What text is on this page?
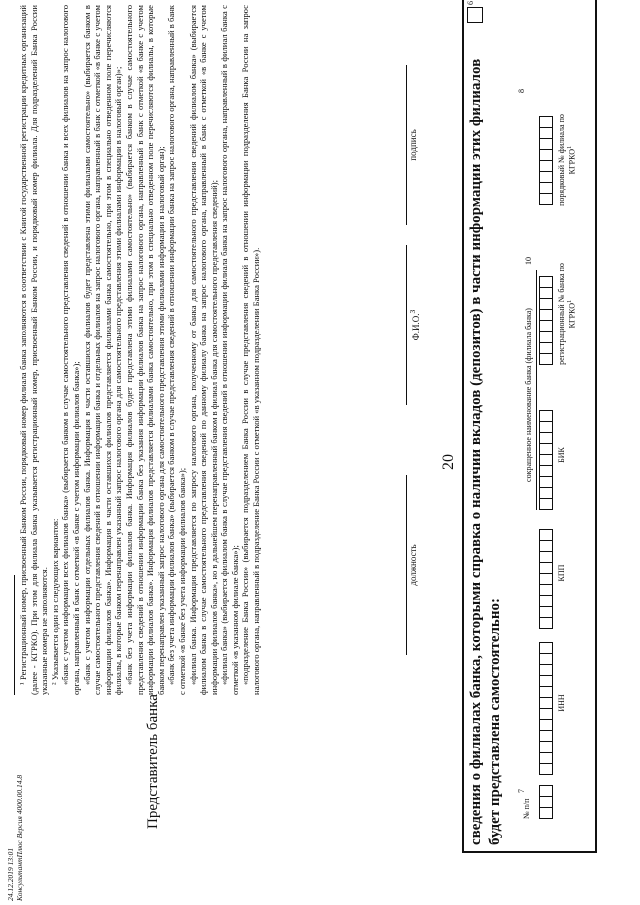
24.12.2019 13:01 КонсультантПлюс Версия 4000.00.14.8
20
6
сведения о филиалах банка, которыми справка о наличии вкладов (депозитов) в части информации этих филиалов будет представлена самостоятельно: № п/п
7
ИНН
КПП
сокращенное наименование банка (филиала банка)	БИК
регистрационный № банка по КГРКО$^1$
10
порядковый № филиала по КГРКО$^1$
8
Представитель банка
должность
Ф.И.О.$^3$
подпись

¹ Регистрационный номер, присвоенный Банком России, порядковый номер филиала банка заполняются в соответствии с Книгой государственной регистрации кредитных организаций (далее - КГРКО). При этом для филиала банка указывается регистрационный номер, присвоенный Банком России, и порядковый номер филиала. Для подразделений Банка России указанные номера не заполняются. ² Указывается один из следующих вариантов: «банк с учетом информации всех филиалов банка» (выбирается банком в случае самостоятельного представления сведений в отношении банка и всех филиалов на запрос налогового органа, направленный в банк с отметкой «в банке с учетом информации филиалов банка»); «банк с учетом информации отдельных филиалов банка. Информация в части оставшихся филиалов будет представлена этими филиалами самостоятельно» (выбирается банком в случае самостоятельного представления сведений в отношении информации банка и отдельных филиалов на запрос налогового органа, направленный в банк с отметкой «в банке с учетом информации филиалов банка». Информация в части оставшихся филиалов представляется филиалами банка самостоятельно, при этом в специально отведенном поле перечисляются филиалы, в которые банком перенаправлен указанный запрос налогового органа для самостоятельного представления этими филиалами информации в налоговый орган)»; «банк без учета информации филиалов банка. Информация филиалов будет представлена этими филиалами самостоятельно» (выбирается банком в случае самостоятельного представления сведений в отношении информации банка без указания информации филиалов банка на запрос налогового органа, направленный в банк с отметкой «в банке с учетом информации филиалов банка». Информация филиалов представляется филиалами банка самостоятельно, при этом в специально отведенном поле перечисляются филиалы, в которые банком перенаправлен указанный запрос налогового органа для самостоятельного представления этими филиалами информации в налоговый орган); «банк без учета информации филиалов банка» (выбирается банком в случае представления сведений в отношении информации банка на запрос налогового органа, направленный в банк с отметкой «в банке без учета информации филиалов банка»); «филиал банка. Информация представляется по запросу налогового органа, полученному от банка для самостоятельного представления сведений филиалом банка» (выбирается филиалом банка в случае самостоятельного представления сведений по данному филиалу банка на запрос налогового органа, направленный в банк с отметкой «в банке с учетом информации филиалов банка», но в дальнейшем перенаправленный банком в филиал банка для самостоятельного представления сведений); «филиал банка» (выбирается филиалом банка в случае представления сведений в отношении информации филиала банка на запрос налогового органа, направленный в филиал банка с отметкой «в указанном филиале банка»); «подразделение Банка России» (выбирается подразделением Банка России в случае представления сведений в отношении информации подразделения Банка России на запрос налогового органа, направленный в подразделение Банка России с отметкой «в указанном подразделении Банка России»).
